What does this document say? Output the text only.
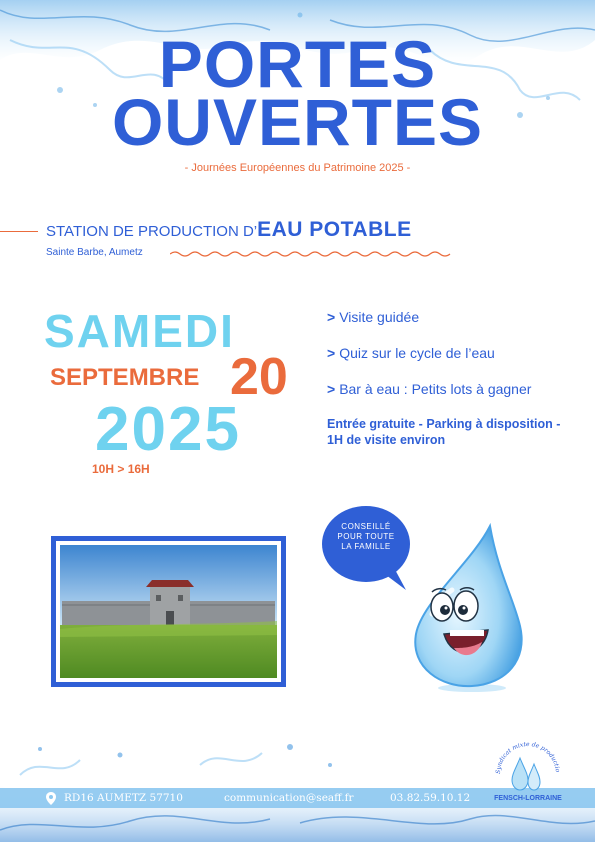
PORTES
OUVERTES
- Journées Européennes du Patrimoine 2025 -
STATION DE PRODUCTION D’EAU POTABLE
Sainte Barbe, Aumetz
SAMEDI
SEPTEMBRE 20
2025
10H > 16H
> Visite guidée
> Quiz sur le cycle de l’eau
> Bar à eau : Petits lots à gagner
Entrée gratuite - Parking à disposition - 1H de visite environ
CONSEILLÉ
POUR TOUTE
LA FAMILLE
RD16 AUMETZ 57710	communication@seaff.fr	03.82.59.10.12
Syndicat mixte de productio
FENSCH-LORRAINE
